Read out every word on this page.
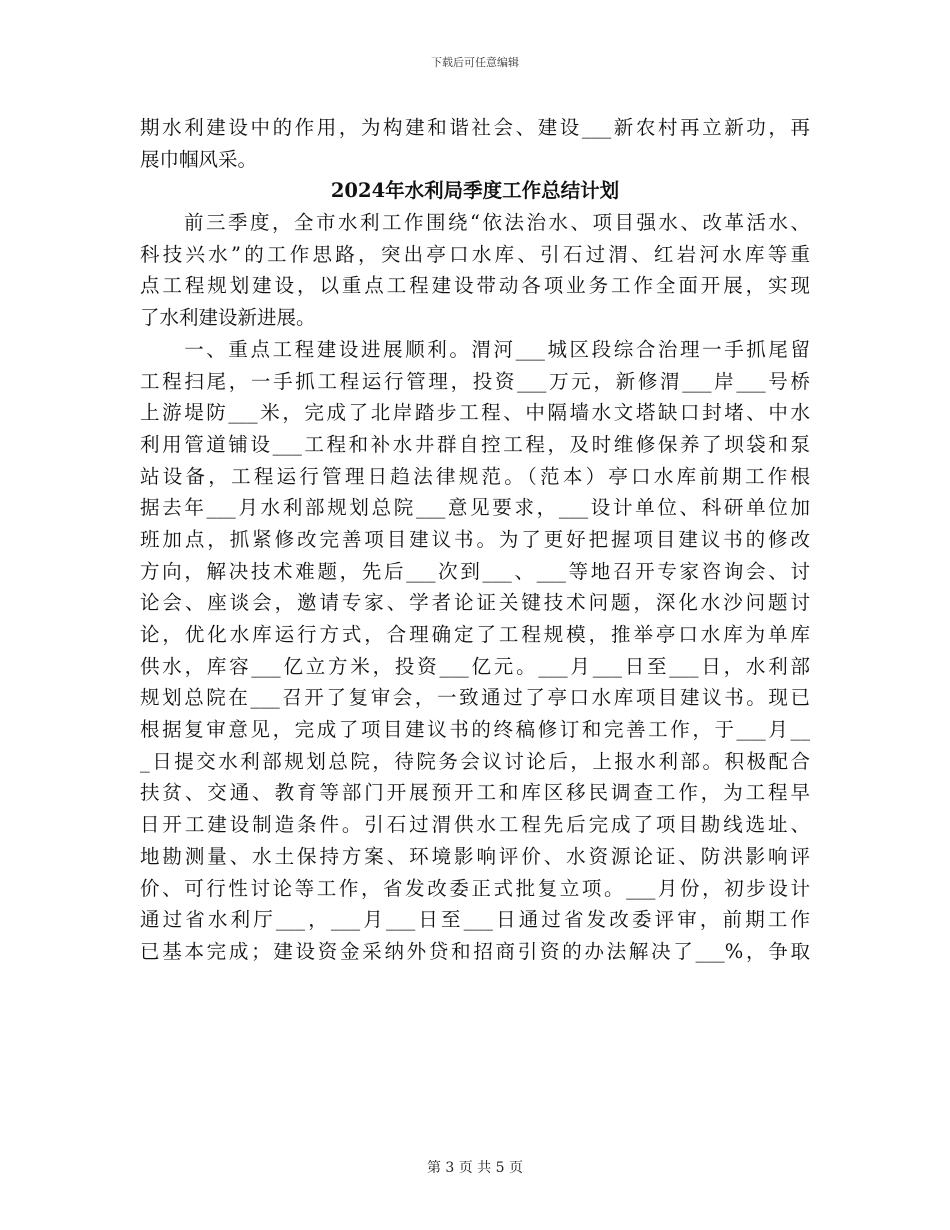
下载后可任意编辑
期水利建设中的作用，为构建和谐社会、建设___新农村再立新功，再
展巾帼风采。
2024年水利局季度工作总结计划
　　前三季度，全市水利工作围绕“依法治水、项目强水、改革活水、
科技兴水”的工作思路，突出亭口水库、引石过渭、红岩河水库等重
点工程规划建设，以重点工程建设带动各项业务工作全面开展，实现
了水利建设新进展。
　　一、重点工程建设进展顺利。渭河___城区段综合治理一手抓尾留
工程扫尾，一手抓工程运行管理，投资___万元，新修渭___岸___号桥
上游堤防___米，完成了北岸踏步工程、中隔墙水文塔缺口封堵、中水
利用管道铺设___工程和补水井群自控工程，及时维修保养了坝袋和泵
站设备，工程运行管理日趋法律规范。（范本）亭口水库前期工作根
据去年___月水利部规划总院___意见要求，___设计单位、科研单位加
班加点，抓紧修改完善项目建议书。为了更好把握项目建议书的修改
方向，解决技术难题，先后___次到___、___等地召开专家咨询会、讨
论会、座谈会，邀请专家、学者论证关键技术问题，深化水沙问题讨
论，优化水库运行方式，合理确定了工程规模，推举亭口水库为单库
供水，库容___亿立方米，投资___亿元。___月___日至___日，水利部
规划总院在___召开了复审会，一致通过了亭口水库项目建议书。现已
根据复审意见，完成了项目建议书的终稿修订和完善工作，于___月__
_日提交水利部规划总院，待院务会议讨论后，上报水利部。积极配合
扶贫、交通、教育等部门开展预开工和库区移民调查工作，为工程早
日开工建设制造条件。引石过渭供水工程先后完成了项目勘线选址、
地勘测量、水土保持方案、环境影响评价、水资源论证、防洪影响评
价、可行性讨论等工作，省发改委正式批复立项。___月份，初步设计
通过省水利厅___，___月___日至___日通过省发改委评审，前期工作
已基本完成；建设资金采纳外贷和招商引资的办法解决了___%，争取
第 3 页 共 5 页
